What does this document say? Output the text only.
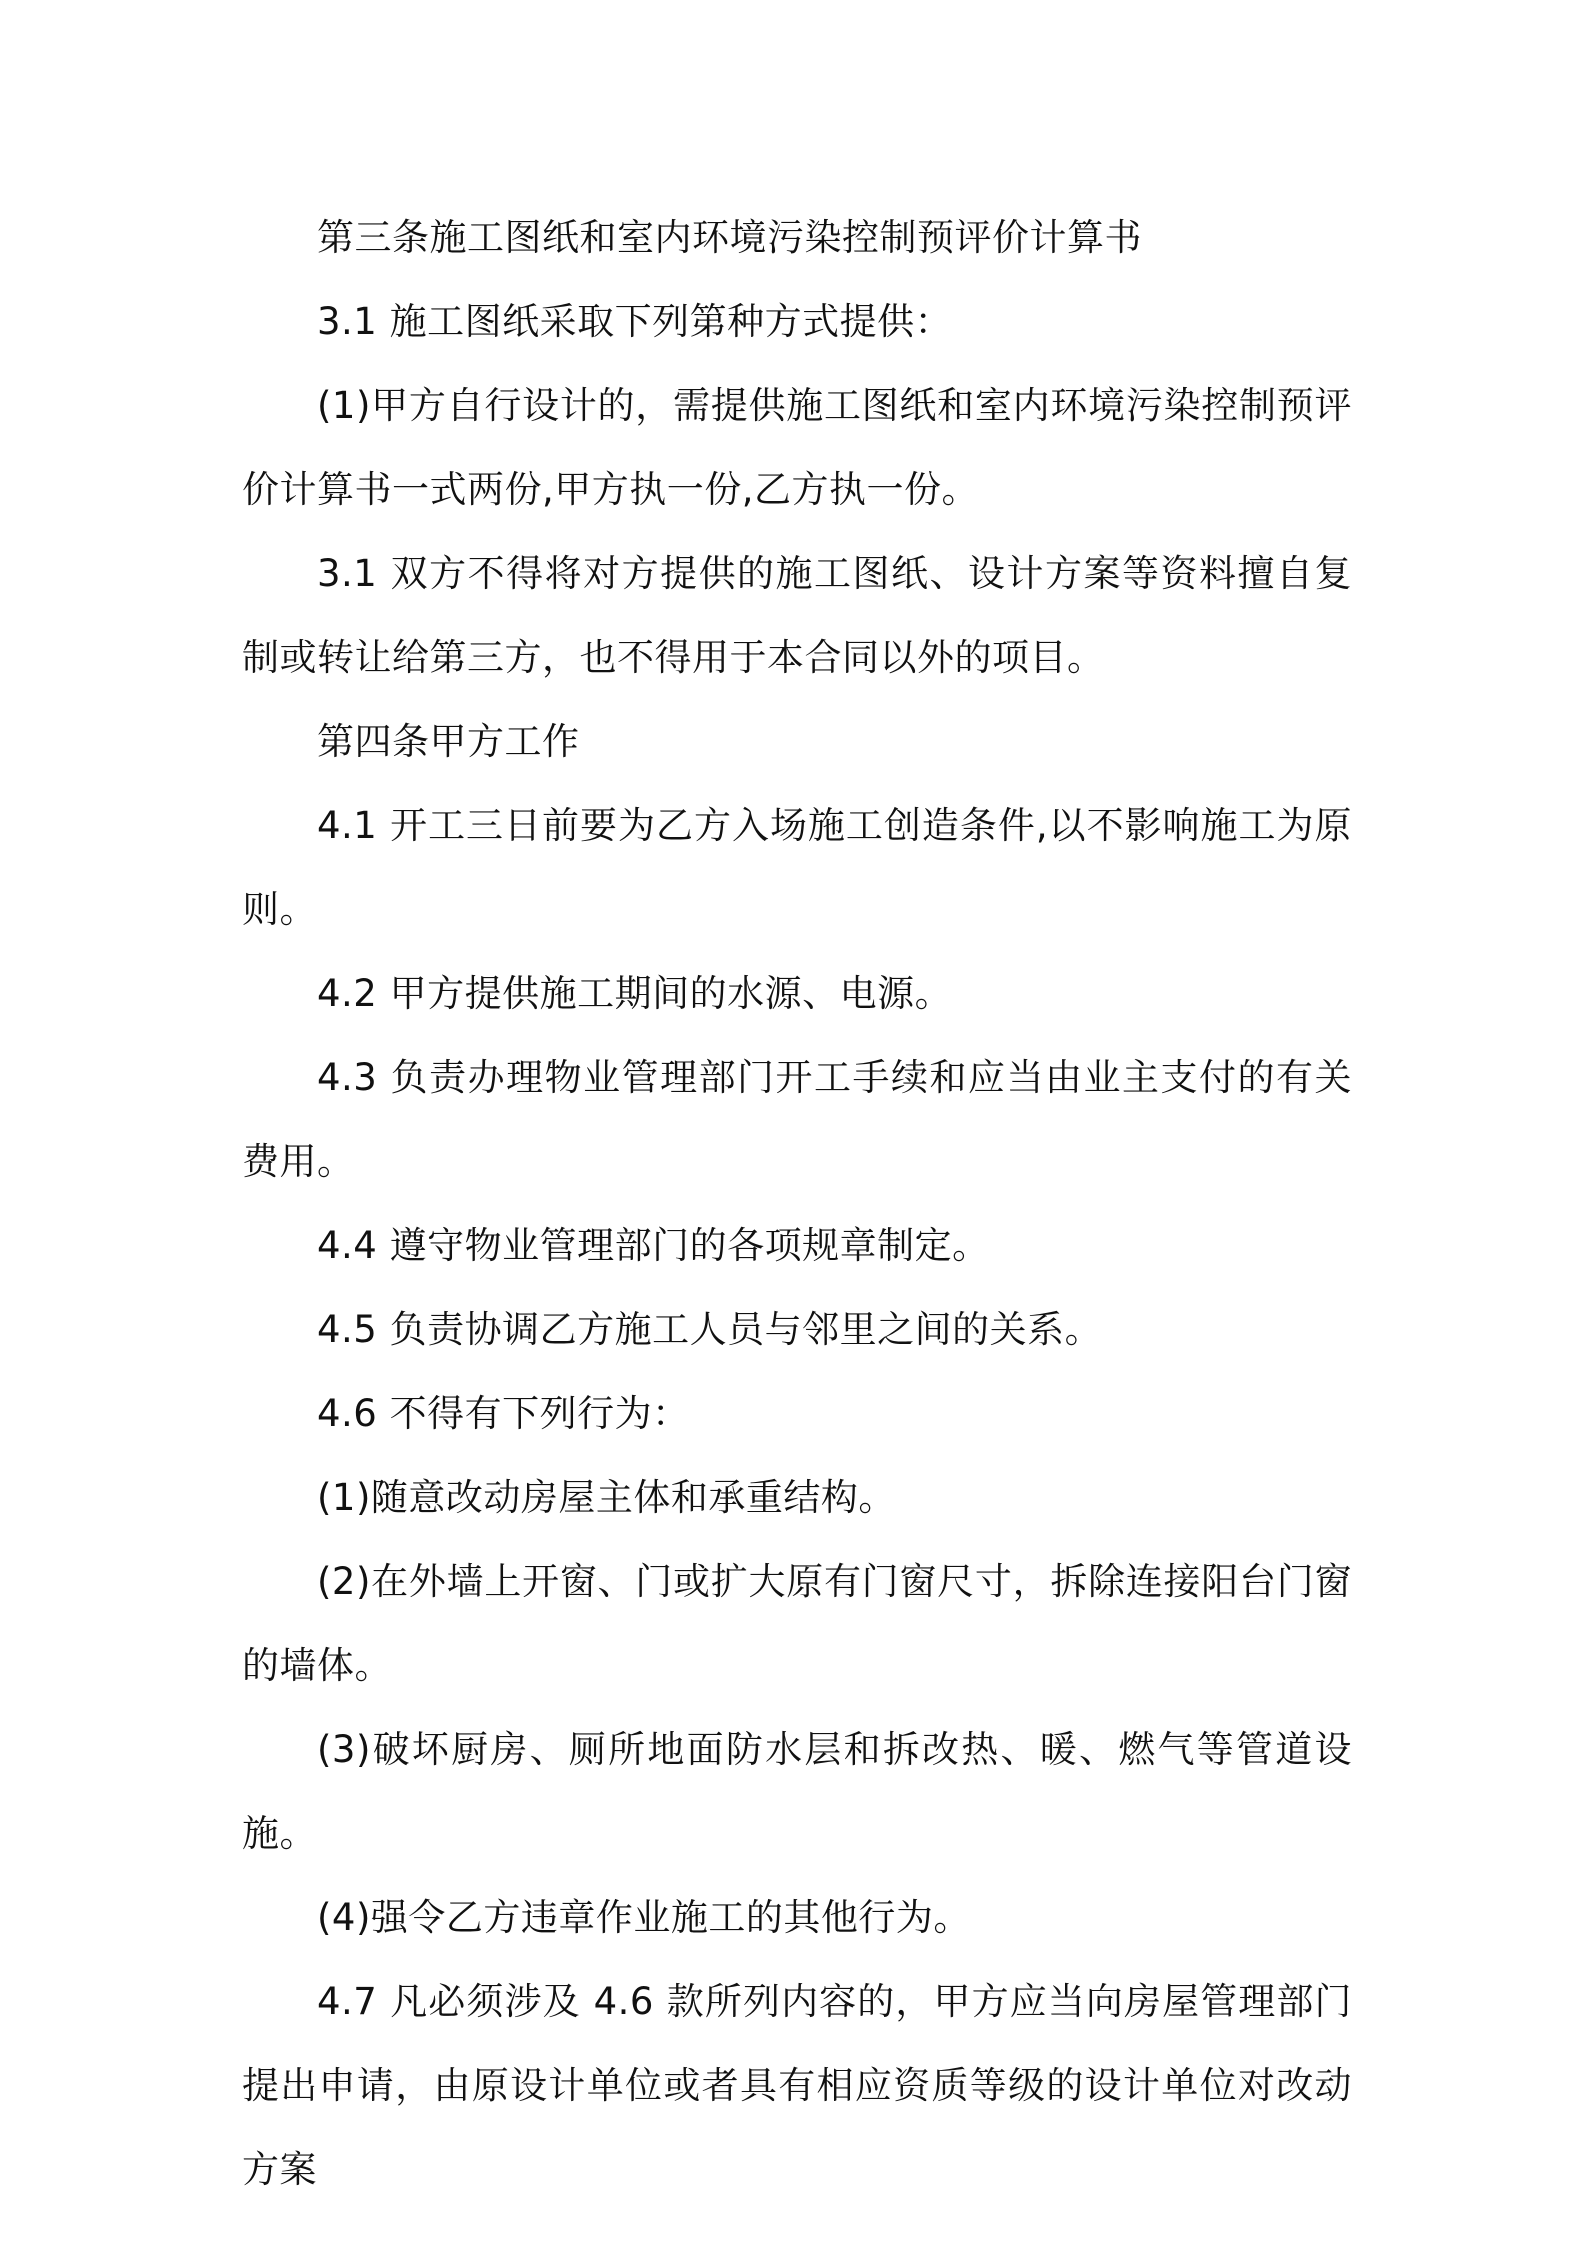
第三条施工图纸和室内环境污染控制预评价计算书

3.1 施工图纸采取下列第种方式提供：

(1)甲方自行设计的，需提供施工图纸和室内环境污染控制预评价计算书一式两份,甲方执一份,乙方执一份。

3.1 双方不得将对方提供的施工图纸、设计方案等资料擅自复制或转让给第三方，也不得用于本合同以外的项目。

第四条甲方工作

4.1 开工三日前要为乙方入场施工创造条件,以不影响施工为原则。

4.2 甲方提供施工期间的水源、电源。

4.3 负责办理物业管理部门开工手续和应当由业主支付的有关费用。

4.4 遵守物业管理部门的各项规章制定。

4.5 负责协调乙方施工人员与邻里之间的关系。

4.6 不得有下列行为：

(1)随意改动房屋主体和承重结构。

(2)在外墙上开窗、门或扩大原有门窗尺寸，拆除连接阳台门窗的墙体。

(3)破坏厨房、厕所地面防水层和拆改热、暖、燃气等管道设施。

(4)强令乙方违章作业施工的其他行为。

4.7 凡必须涉及 4.6 款所列内容的，甲方应当向房屋管理部门提出申请，由原设计单位或者具有相应资质等级的设计单位对改动方案
